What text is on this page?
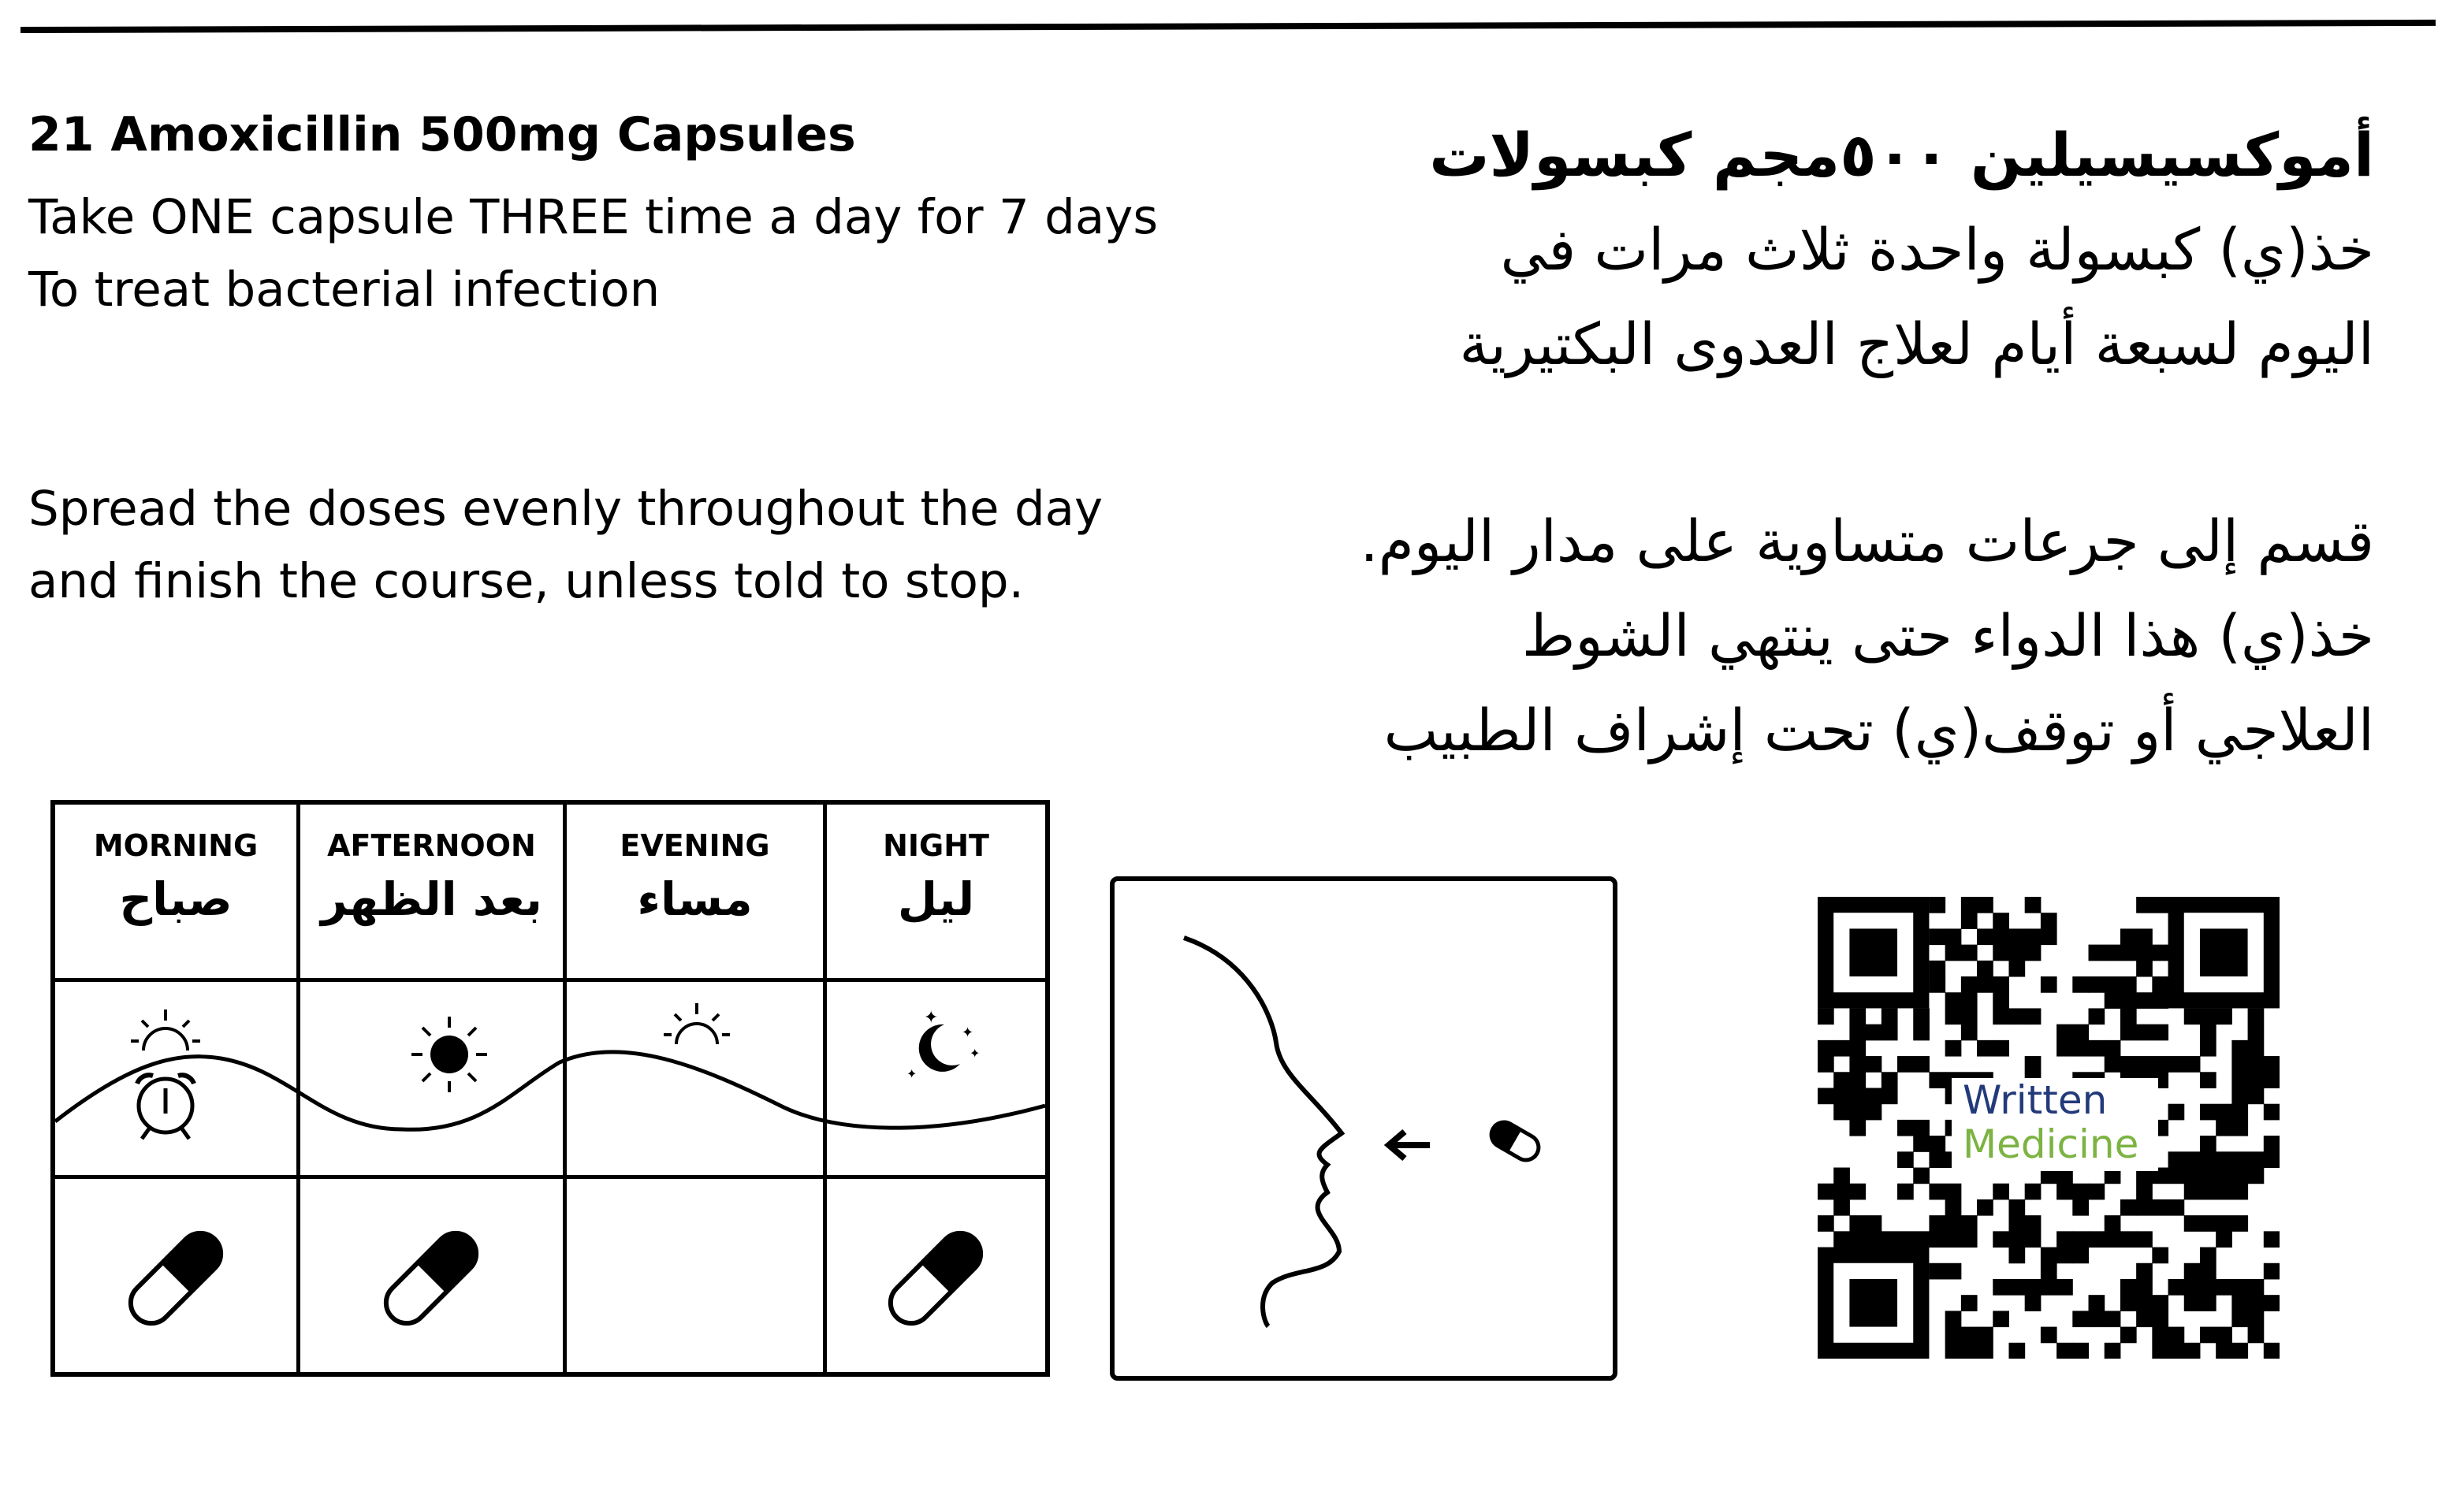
21 Amoxicillin 500mg Capsules
Take ONE capsule THREE time a day for 7 days
To treat bacterial infection
Spread the doses evenly throughout the day
and finish the course, unless told to stop.
أموكسيسيلين ٥٠٠مجم كبسولات
خذ(ي) كبسولة واحدة ثلاث مرات في
اليوم لسبعة أيام لعلاج العدوى البكتيرية
قسم إلى جرعات متساوية على مدار اليوم.
خذ(ي) هذا الدواء حتى ينتهي الشوط
العلاجي أو توقف(ي) تحت إشراف الطبيب
MORNING
صباح
AFTERNOON
بعد الظهر
EVENING
مساء
NIGHT
ليل
✦
✦
✦
✦
Written
Medicine
